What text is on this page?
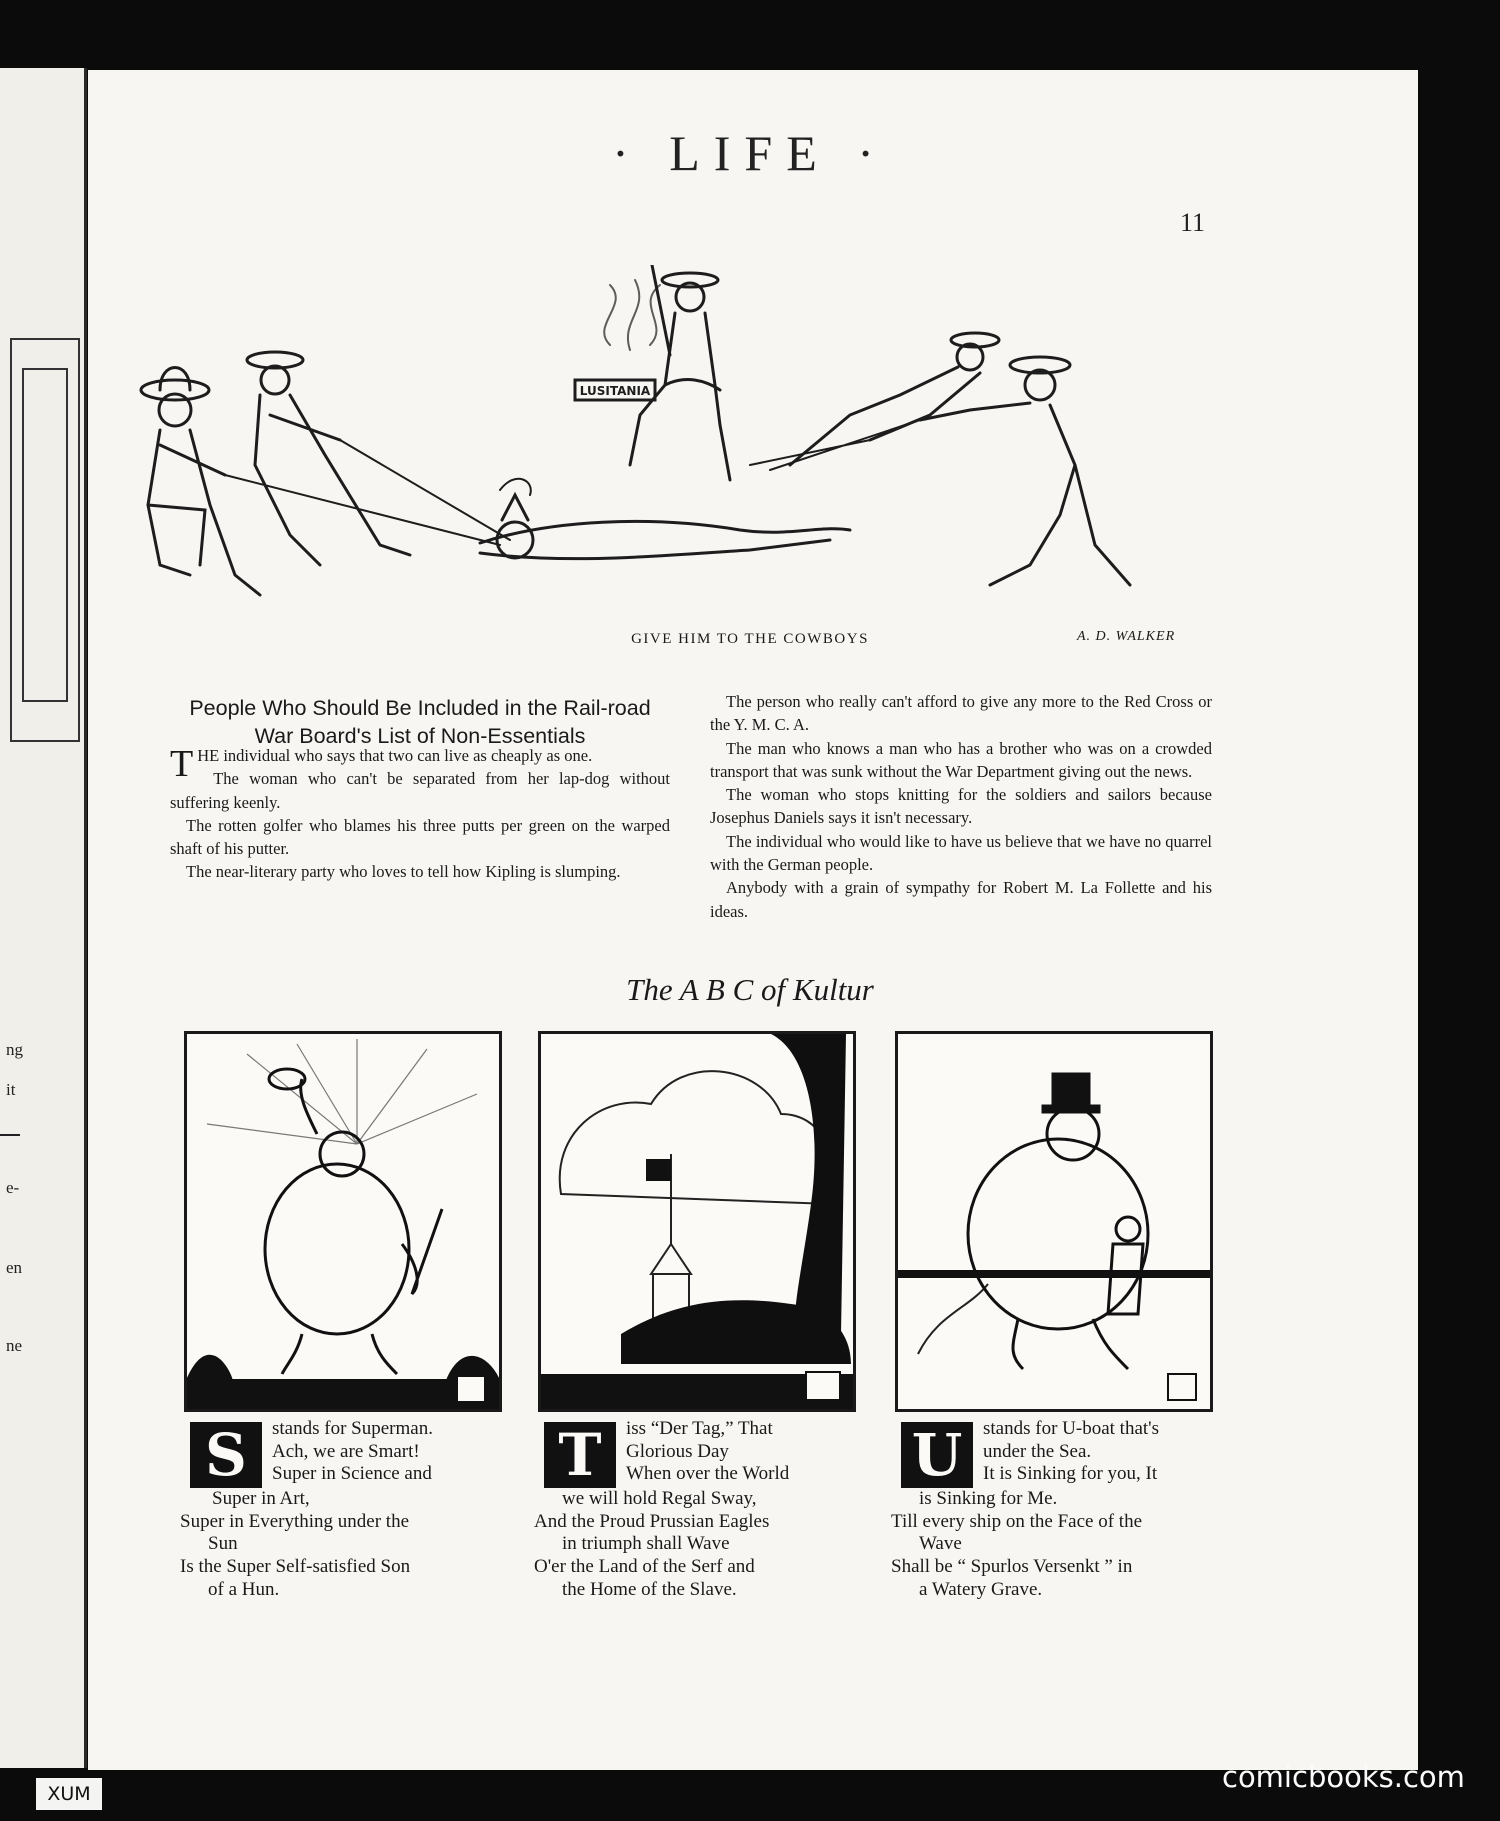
ng
it
e-
en
ne
· LIFE ·
11
LUSITANIA
GIVE HIM TO THE COWBOYS	A. D. WALKER
People Who Should Be Included in the Rail-road War Board's List of Non-Essentials

THE individual who says that two can live as cheaply as one.

The woman who can't be separated from her lap-dog without suffering keenly.

The rotten golfer who blames his three putts per green on the warped shaft of his putter.

The near-literary party who loves to tell how Kipling is slumping.

The person who really can't afford to give any more to the Red Cross or the Y. M. C. A.

The man who knows a man who has a brother who was on a crowded transport that was sunk without the War Department giving out the news.

The woman who stops knitting for the soldiers and sailors because Josephus Daniels says it isn't necessary.

The individual who would like to have us believe that we have no quarrel with the German people.

Anybody with a grain of sympathy for Robert M. La Follette and his ideas.

The A B C of Kultur
S	stands for Superman.
Ach, we are Smart!
Super in Science and
Super in Art,
Super in Everything under the
Sun
Is the Super Self-satisfied Son
of a Hun.
T	iss “Der Tag,” That
Glorious Day
When over the World
we will hold Regal Sway,
And the Proud Prussian Eagles
in triumph shall Wave
O'er the Land of the Serf and
the Home of the Slave.
U	stands for U-boat that's
under the Sea.
It is Sinking for you, It
is Sinking for Me.
Till every ship on the Face of the
Wave
Shall be “ Spurlos Versenkt ” in
a Watery Grave.
XUM	comicbooks.com
